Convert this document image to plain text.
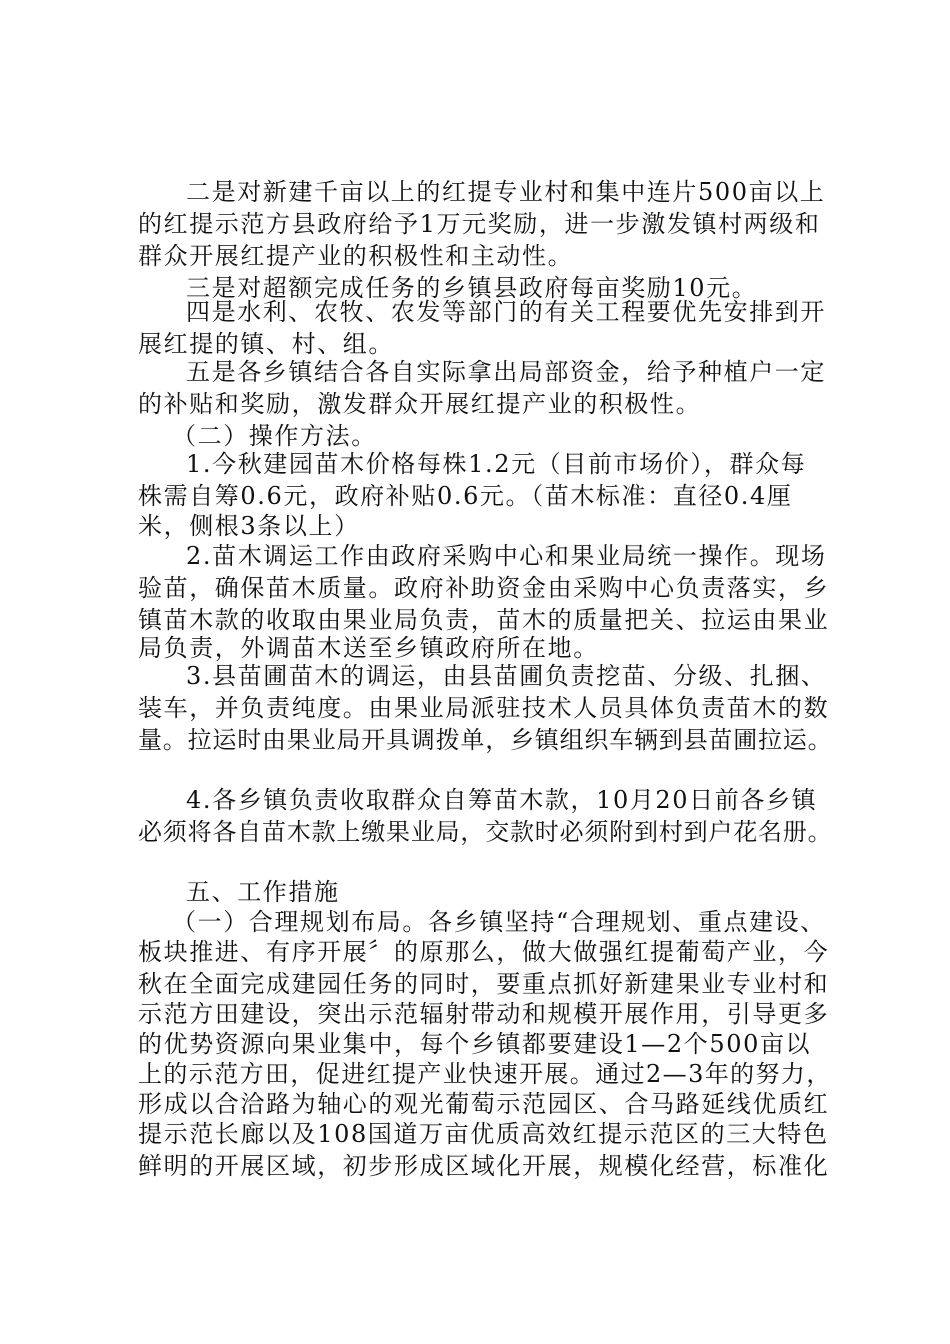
二是对新建千亩以上的红提专业村和集中连片500亩以上
的红提示范方县政府给予1万元奖励，进一步激发镇村两级和
群众开展红提产业的积极性和主动性。
三是对超额完成任务的乡镇县政府每亩奖励10元。
四是水利、农牧、农发等部门的有关工程要优先安排到开
展红提的镇、村、组。
五是各乡镇结合各自实际拿出局部资金，给予种植户一定
的补贴和奖励，激发群众开展红提产业的积极性。
（二）操作方法。
1.今秋建园苗木价格每株1.2元（目前市场价），群众每
株需自筹0.6元，政府补贴0.6元。（苗木标准：直径0.4厘
米，侧根3条以上）
2.苗木调运工作由政府采购中心和果业局统一操作。现场
验苗，确保苗木质量。政府补助资金由采购中心负责落实，乡
镇苗木款的收取由果业局负责，苗木的质量把关、拉运由果业
局负责，外调苗木送至乡镇政府所在地。
3.县苗圃苗木的调运，由县苗圃负责挖苗、分级、扎捆、
装车，并负责纯度。由果业局派驻技术人员具体负责苗木的数
量。拉运时由果业局开具调拨单，乡镇组织车辆到县苗圃拉运。
4.各乡镇负责收取群众自筹苗木款，10月20日前各乡镇
必须将各自苗木款上缴果业局，交款时必须附到村到户花名册。
五、工作措施
（一）合理规划布局。各乡镇坚持“合理规划、重点建设、
板块推进、有序开展〞的原那么，做大做强红提葡萄产业，今
秋在全面完成建园任务的同时，要重点抓好新建果业专业村和
示范方田建设，突出示范辐射带动和规模开展作用，引导更多
的优势资源向果业集中，每个乡镇都要建设1—2个500亩以
上的示范方田，促进红提产业快速开展。通过2—3年的努力，
形成以合洽路为轴心的观光葡萄示范园区、合马路延线优质红
提示范长廊以及108国道万亩优质高效红提示范区的三大特色
鲜明的开展区域，初步形成区域化开展，规模化经营，标准化
